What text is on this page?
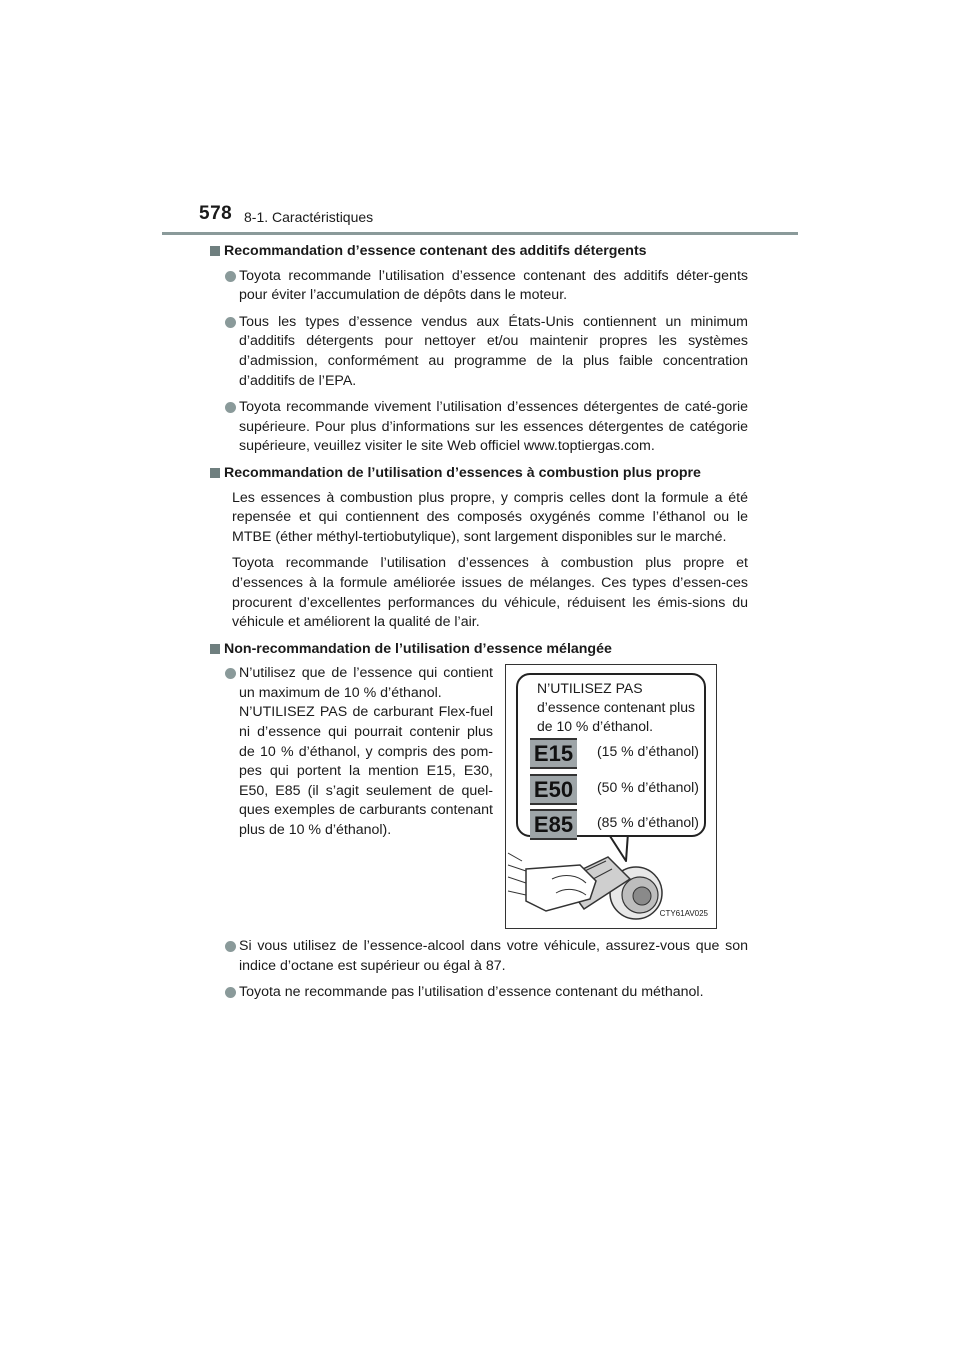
578 8-1. Caractéristiques
Recommandation d’essence contenant des additifs détergents
Toyota recommande l’utilisation d’essence contenant des additifs déter-gents pour éviter l’accumulation de dépôts dans le moteur.
Tous les types d’essence vendus aux États-Unis contiennent un minimum d’additifs détergents pour nettoyer et/ou maintenir propres les systèmes d’admission, conformément au programme de la plus faible concentration d’additifs de l’EPA.
Toyota recommande vivement l’utilisation d’essences détergentes de caté-gorie supérieure. Pour plus d’informations sur les essences détergentes de catégorie supérieure, veuillez visiter le site Web officiel www.toptiergas.com.
Recommandation de l’utilisation d’essences à combustion plus propre
Les essences à combustion plus propre, y compris celles dont la formule a été repensée et qui contiennent des composés oxygénés comme l’éthanol ou le MTBE (éther méthyl-tertiobutylique), sont largement disponibles sur le marché.
Toyota recommande l’utilisation d’essences à combustion plus propre et d’essences à la formule améliorée issues de mélanges. Ces types d’essen-ces procurent d’excellentes performances du véhicule, réduisent les émis-sions du véhicule et améliorent la qualité de l’air.
Non-recommandation de l’utilisation d’essence mélangée
N’utilisez que de l’essence qui contient un maximum de 10 % d’éthanol.
N’UTILISEZ PAS de carburant Flex-fuel ni d’essence qui pourrait contenir plus de 10 % d’éthanol, y compris des pom-pes qui portent la mention E15, E30, E50, E85 (il s’agit seulement de quel-ques exemples de carburants contenant plus de 10 % d’éthanol).
N’UTILISEZ PAS d’essence contenant plus de 10 % d’éthanol.
E15 (15 % d’éthanol)
E50 (50 % d’éthanol)
E85 (85 % d’éthanol)
CTY61AV025
Si vous utilisez de l’essence-alcool dans votre véhicule, assurez-vous que son indice d’octane est supérieur ou égal à 87.
Toyota ne recommande pas l’utilisation d’essence contenant du méthanol.
